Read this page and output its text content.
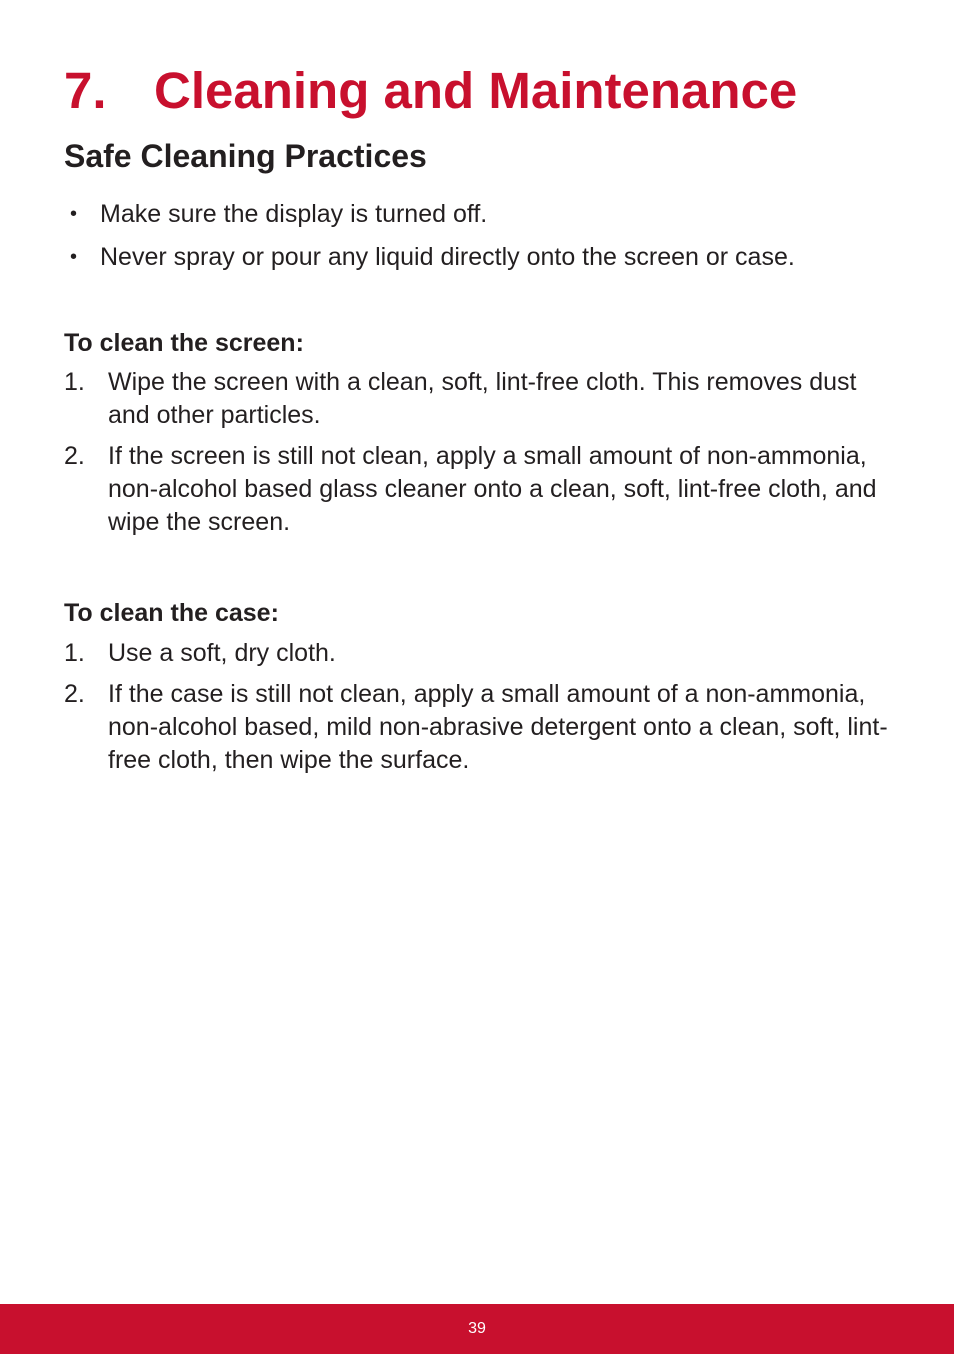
7. Cleaning and Maintenance
Safe Cleaning Practices
• Make sure the display is turned off.
• Never spray or pour any liquid directly onto the screen or case.
To clean the screen:
1. Wipe the screen with a clean, soft, lint-free cloth. This removes dust and other particles.
2. If the screen is still not clean, apply a small amount of non-ammonia, non-alcohol based glass cleaner onto a clean, soft, lint-free cloth, and wipe the screen.
To clean the case:
1. Use a soft, dry cloth.
2. If the case is still not clean, apply a small amount of a non-ammonia, non-alcohol based, mild non-abrasive detergent onto a clean, soft, lint-free cloth, then wipe the surface.
39
